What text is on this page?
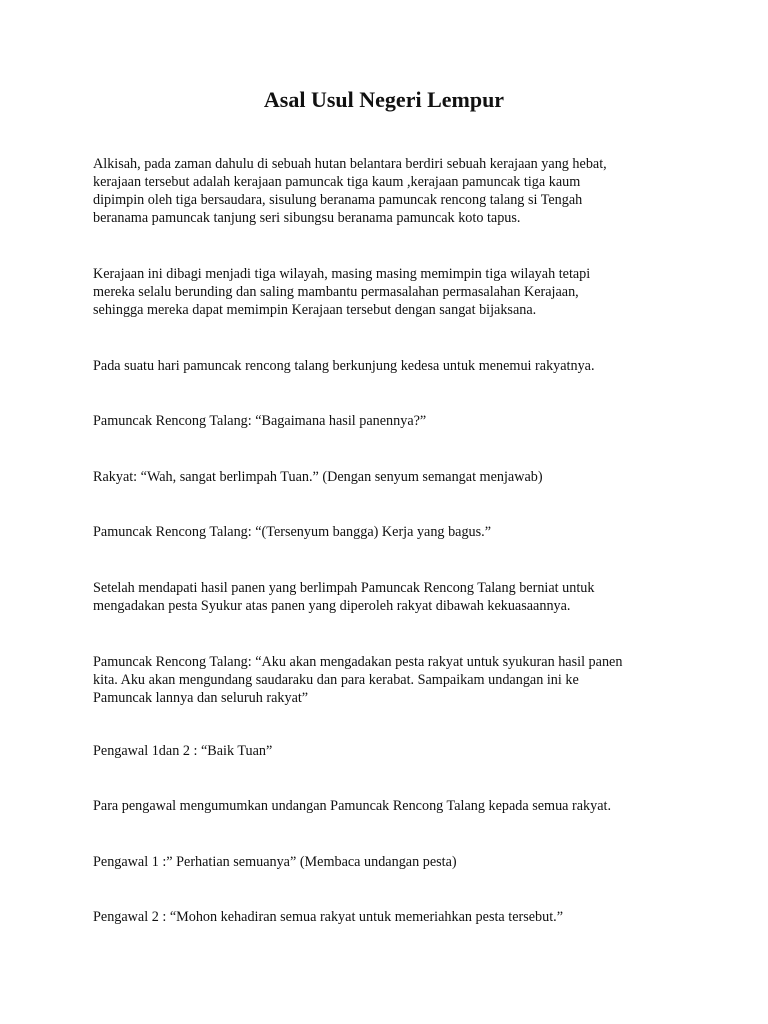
Asal Usul Negeri Lempur

Alkisah, pada zaman dahulu di sebuah hutan belantara berdiri sebuah kerajaan yang hebat,
kerajaan tersebut adalah kerajaan pamuncak tiga kaum ,kerajaan pamuncak tiga kaum
dipimpin oleh tiga bersaudara, sisulung beranama pamuncak rencong talang si Tengah
beranama pamuncak tanjung seri sibungsu beranama pamuncak koto tapus.

Kerajaan ini dibagi menjadi tiga wilayah, masing masing memimpin tiga wilayah tetapi
mereka selalu berunding dan saling mambantu permasalahan permasalahan Kerajaan,
sehingga mereka dapat memimpin Kerajaan tersebut dengan sangat bijaksana.

Pada suatu hari pamuncak rencong talang berkunjung kedesa untuk menemui rakyatnya.

Pamuncak Rencong Talang: “Bagaimana hasil panennya?”

Rakyat: “Wah, sangat berlimpah Tuan.” (Dengan senyum semangat menjawab)

Pamuncak Rencong Talang: “(Tersenyum bangga) Kerja yang bagus.”

Setelah mendapati hasil panen yang berlimpah Pamuncak Rencong Talang berniat untuk
mengadakan pesta Syukur atas panen yang diperoleh rakyat dibawah kekuasaannya.

Pamuncak Rencong Talang: “Aku akan mengadakan pesta rakyat untuk syukuran hasil panen
kita. Aku akan mengundang saudaraku dan para kerabat. Sampaikam undangan ini ke
Pamuncak lannya dan seluruh rakyat”

Pengawal 1dan 2 : “Baik Tuan”

Para pengawal mengumumkan undangan Pamuncak Rencong Talang kepada semua rakyat.

Pengawal 1 :” Perhatian semuanya” (Membaca undangan pesta)

Pengawal 2 : “Mohon kehadiran semua rakyat untuk memeriahkan pesta tersebut.”
